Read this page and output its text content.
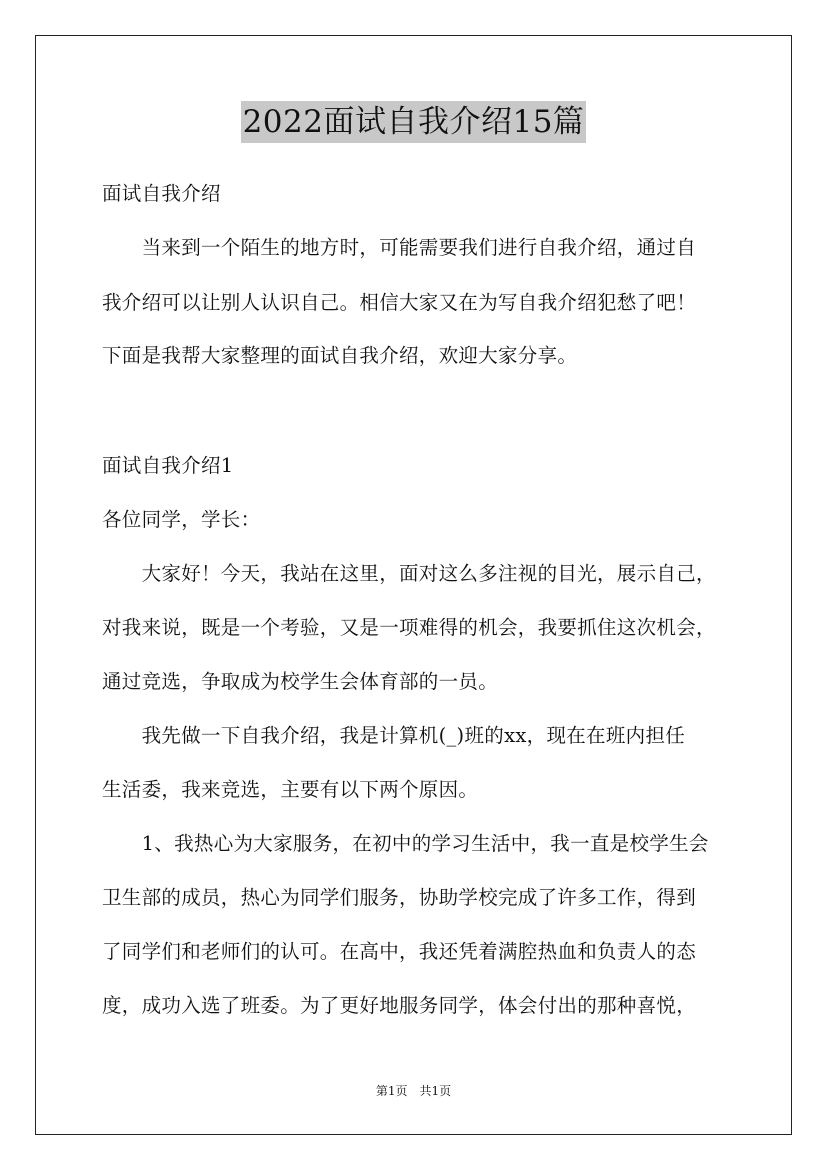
2022面试自我介绍15篇
面试自我介绍
　　当来到一个陌生的地方时，可能需要我们进行自我介绍，通过自
我介绍可以让别人认识自己。相信大家又在为写自我介绍犯愁了吧！
下面是我帮大家整理的面试自我介绍，欢迎大家分享。
面试自我介绍1
各位同学，学长：
　　大家好！今天，我站在这里，面对这么多注视的目光，展示自己，
对我来说，既是一个考验，又是一项难得的机会，我要抓住这次机会，
通过竞选，争取成为校学生会体育部的一员。
　　我先做一下自我介绍，我是计算机(_)班的xx，现在在班内担任
生活委，我来竞选，主要有以下两个原因。
　　1、我热心为大家服务，在初中的学习生活中，我一直是校学生会
卫生部的成员，热心为同学们服务，协助学校完成了许多工作，得到
了同学们和老师们的认可。在高中，我还凭着满腔热血和负责人的态
度，成功入选了班委。为了更好地服务同学，体会付出的那种喜悦，
第1页　共1页
